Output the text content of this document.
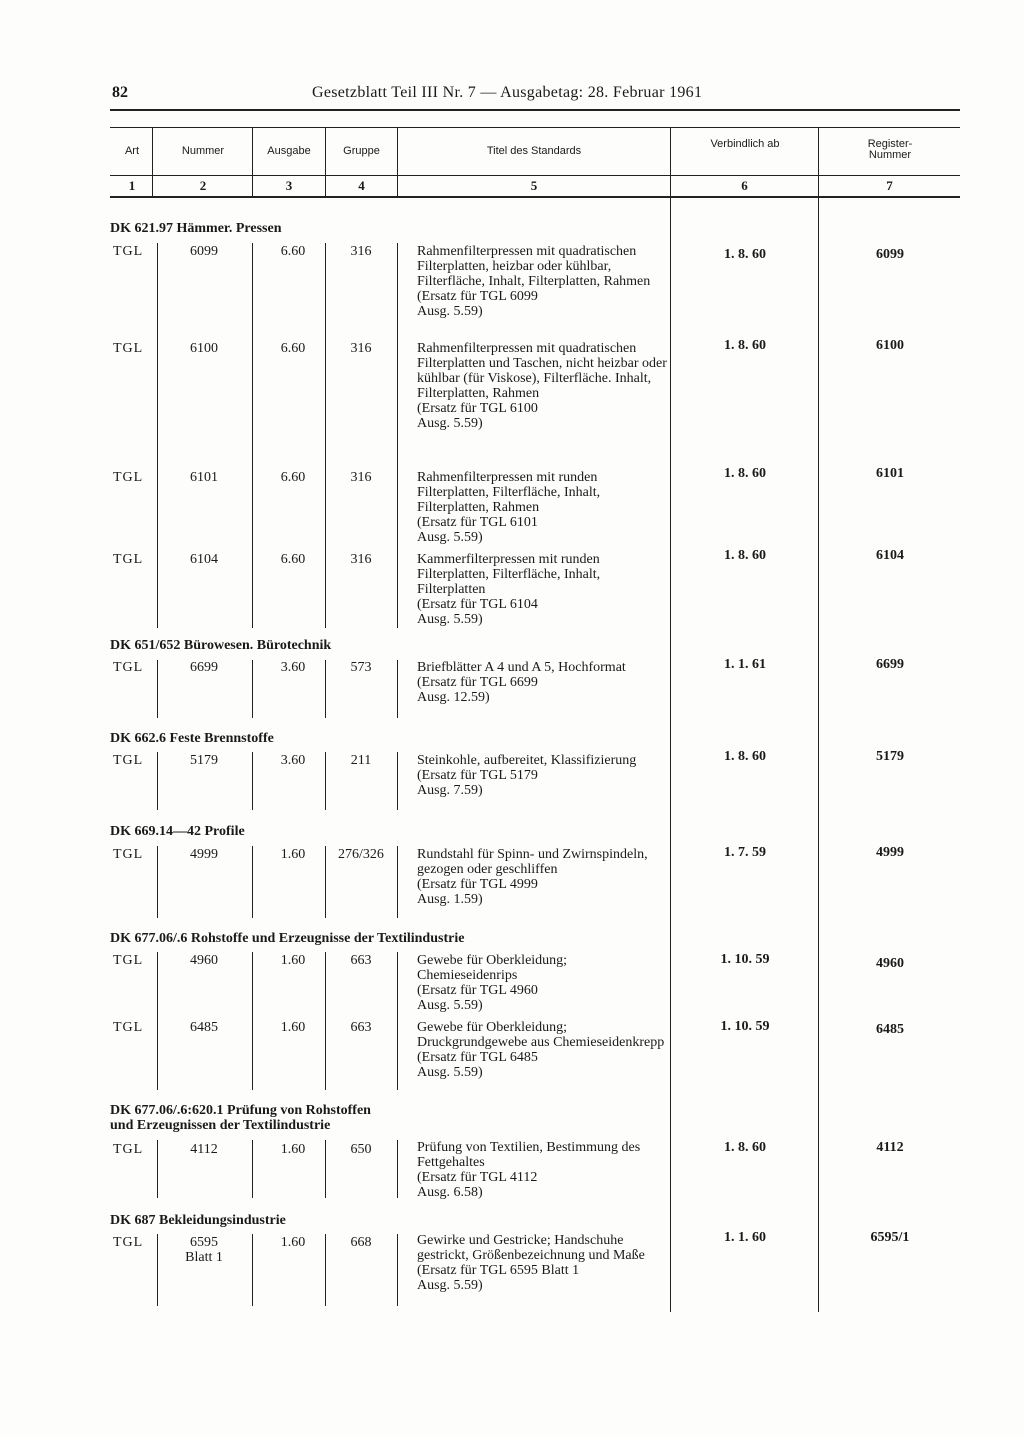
82	Gesetzblatt Teil III Nr. 7 — Ausgabetag: 28. Februar 1961
Art	Nummer	Ausgabe	Gruppe	Titel des Standards
Verbindlich ab	Register-Nummer
1	2	3	4	5	6	7
DK 621.97 Hämmer. Pressen
DK 651/652 Bürowesen. Bürotechnik
DK 662.6 Feste Brennstoffe
DK 669.14—42 Profile
DK 677.06/.6 Rohstoffe und Erzeugnisse der Textilindustrie
DK 677.06/.6:620.1 Prüfung von Rohstoffen
und Erzeugnissen der Textilindustrie
DK 687 Bekleidungsindustrie
TGL	6099	6.60	316	Rahmenfilterpressen mit quadratischen Filterplatten, heizbar oder kühlbar, Filterfläche, Inhalt, Filterplatten, Rahmen
(Ersatz für TGL 6099
Ausg. 5.59)
1. 8. 60	6099
TGL	6100	6.60	316	Rahmenfilterpressen mit quadratischen Filterplatten und Taschen, nicht heizbar oder kühlbar (für Viskose), Filterfläche. Inhalt, Filterplatten, Rahmen
(Ersatz für TGL 6100
Ausg. 5.59)
1. 8. 60	6100
TGL	6101	6.60	316	Rahmenfilterpressen mit runden Filterplatten, Filterfläche, Inhalt, Filterplatten, Rahmen
(Ersatz für TGL 6101
Ausg. 5.59)
1. 8. 60	6101
TGL	6104	6.60	316	Kammerfilterpressen mit runden Filterplatten, Filterfläche, Inhalt, Filterplatten
(Ersatz für TGL 6104
Ausg. 5.59)
1. 8. 60	6104
TGL	6699	3.60	573	Briefblätter A 4 und A 5, Hochformat
(Ersatz für TGL 6699
Ausg. 12.59)
1. 1. 61	6699
TGL	5179	3.60	211	Steinkohle, aufbereitet, Klassifizierung
(Ersatz für TGL 5179
Ausg. 7.59)
1. 8. 60	5179
TGL	4999	1.60	276/326	Rundstahl für Spinn- und Zwirnspindeln, gezogen oder geschliffen
(Ersatz für TGL 4999
Ausg. 1.59)
1. 7. 59	4999
TGL	4960	1.60	663	Gewebe für Oberkleidung; Chemieseidenrips
(Ersatz für TGL 4960
Ausg. 5.59)
1. 10. 59	4960
TGL	6485	1.60	663	Gewebe für Oberkleidung; Druckgrundgewebe aus Chemieseidenkrepp
(Ersatz für TGL 6485
Ausg. 5.59)
1. 10. 59	6485
TGL	4112	1.60	650	Prüfung von Textilien, Bestimmung des Fettgehaltes
(Ersatz für TGL 4112
Ausg. 6.58)
1. 8. 60	4112
TGL	6595
Blatt 1
1.60	668	Gewirke und Gestricke; Handschuhe gestrickt, Größenbezeichnung und Maße
(Ersatz für TGL 6595 Blatt 1
Ausg. 5.59)
1. 1. 60	6595/1
